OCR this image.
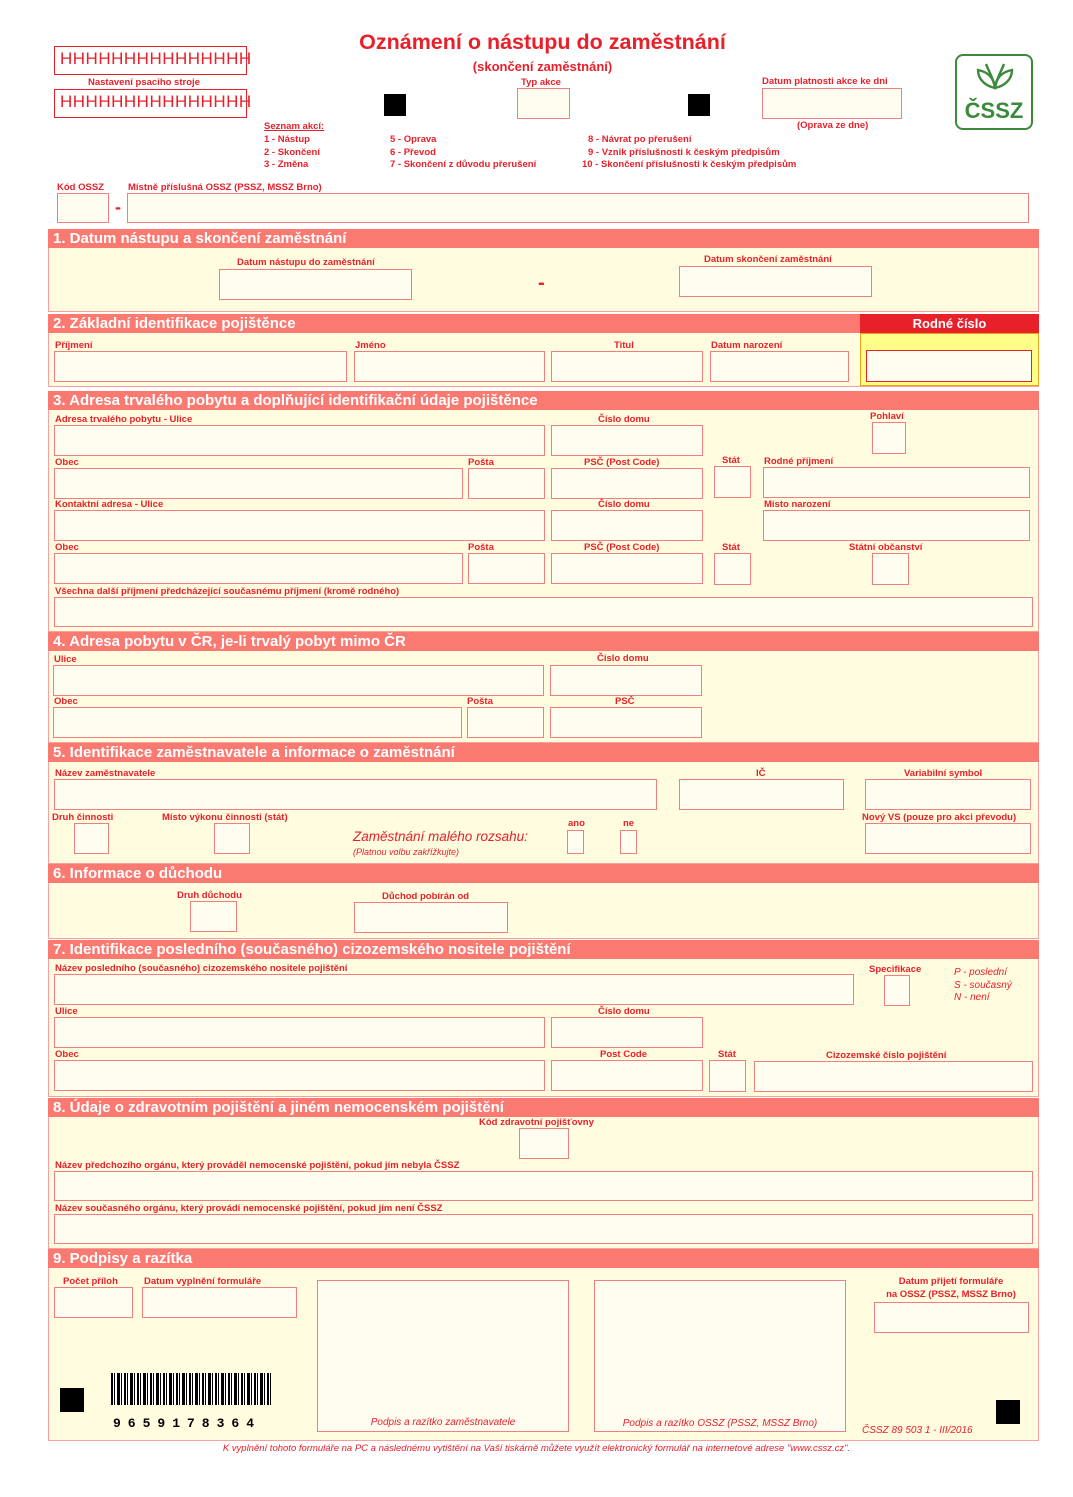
HHHHHHHHHHHHHHH
Nastavení psacího stroje
HHHHHHHHHHHHHHH
Oznámení o nástupu do zaměstnání
(skončení zaměstnání)
Typ akce	Datum platnosti akce ke dni
(Oprava ze dne)
ČSSZ
Seznam akcí:
1 - Nástup
2 - Skončení
3 - Změna
5 - Oprava
6 - Převod
7 - Skončení z důvodu přerušení
8 - Návrat po přerušení
9 - Vznik příslušnosti k českým předpisům
10 - Skončení příslušnosti k českým předpisům
Kód OSSZ	Místně příslušná OSSZ (PSSZ, MSSZ Brno)
-
1. Datum nástupu a skončení zaměstnání
Datum nástupu do zaměstnání
-
Datum skončení zaměstnání
2. Základní identifikace pojištěnce	Rodné číslo
Příjmení	Jméno	Titul	Datum narození
3. Adresa trvalého pobytu a doplňující identifikační údaje pojištěnce
Adresa trvalého pobytu - Ulice	Číslo domu	Pohlaví
Obec	Pošta	PSČ (Post Code)	Stát	Rodné příjmení
Kontaktní adresa - Ulice	Číslo domu	Místo narození
Obec	Pošta	PSČ (Post Code)	Stát	Státní občanství
Všechna další příjmení předcházející současnému příjmení (kromě rodného)
4. Adresa pobytu v ČR, je-li trvalý pobyt mimo ČR
Ulice	Číslo domu
Obec	Pošta	PSČ
5. Identifikace zaměstnavatele a informace o zaměstnání
Název zaměstnavatele	IČ	Variabilní symbol
Druh činnosti	Místo výkonu činnosti (stát)
Zaměstnání malého rozsahu:
(Platnou volbu zakřížkujte)
ano	ne
Nový VS (pouze pro akci převodu)
6. Informace o důchodu
Druh důchodu	Důchod pobírán od
7. Identifikace posledního (současného) cizozemského nositele pojištění
Název posledního (současného) cizozemského nositele pojištění	Specifikace	P - poslední
S - současný
N - není
Ulice	Číslo domu
Obec	Post Code	Stát	Cizozemské číslo pojištění
8. Údaje o zdravotním pojištění a jiném nemocenském pojištění
Kód zdravotní pojišťovny
Název předchozího orgánu, který prováděl nemocenské pojištění, pokud jím nebyla ČSSZ
Název současného orgánu, který provádí nemocenské pojištění, pokud jím není ČSSZ
9. Podpisy a razítka
Počet příloh	Datum vyplnění formuláře
Podpis a razítko zaměstnavatele	Podpis a razítko OSSZ (PSSZ, MSSZ Brno)
Datum přijetí formuláře
na OSSZ (PSSZ, MSSZ Brno)
9659178364	ČSSZ 89 503 1 - III/2016
K vyplnění tohoto formuláře na PC a následnému vytištění na Vaší tiskárně můžete využít elektronický formulář na internetové adrese "www.cssz.cz".
